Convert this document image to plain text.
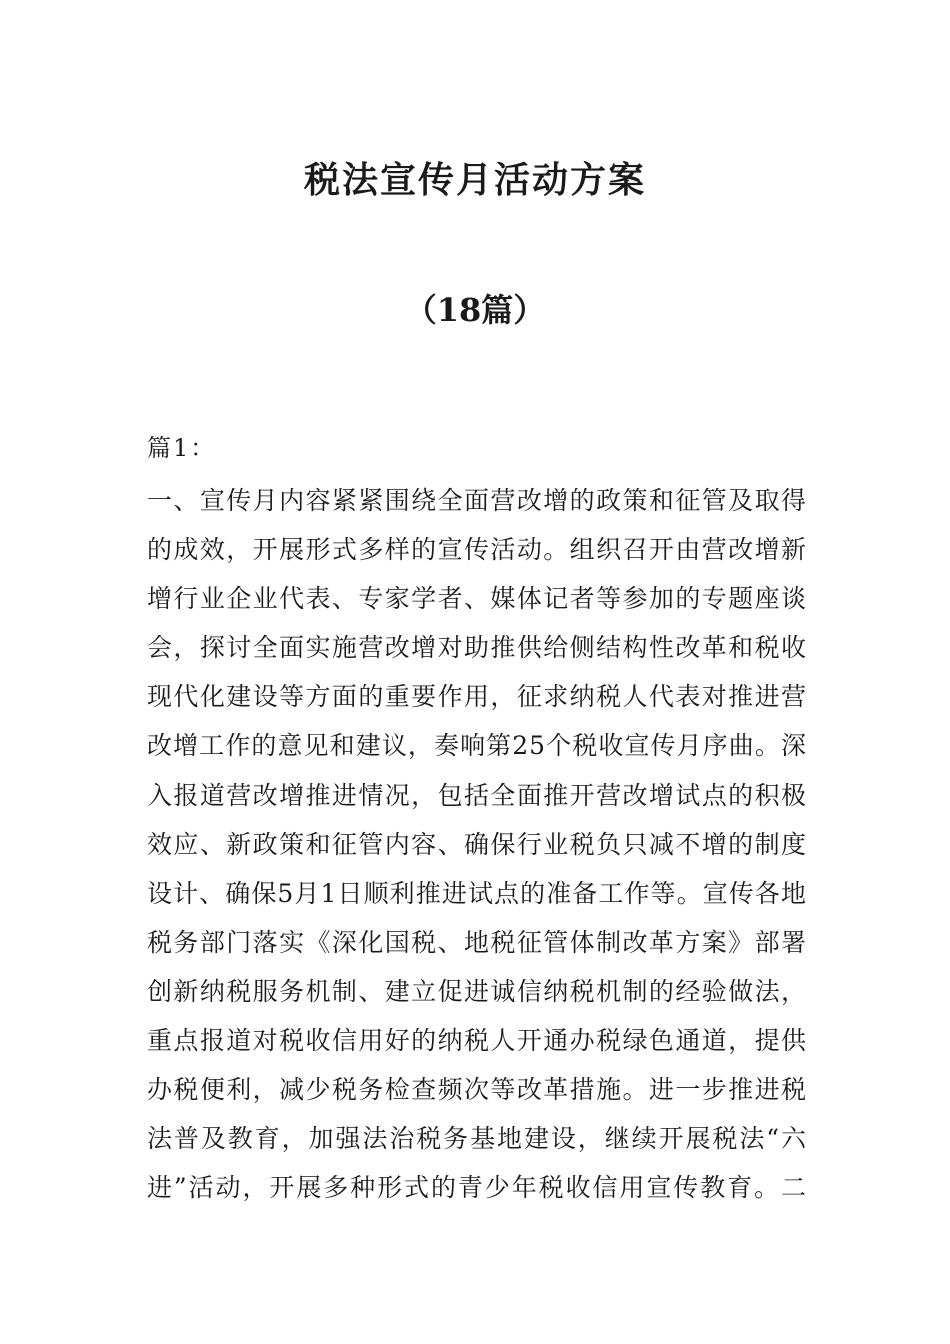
税法宣传月活动方案
（18篇）
篇1：
一、宣传月内容紧紧围绕全面营改增的政策和征管及取得
的成效，开展形式多样的宣传活动。组织召开由营改增新
增行业企业代表、专家学者、媒体记者等参加的专题座谈
会，探讨全面实施营改增对助推供给侧结构性改革和税收
现代化建设等方面的重要作用，征求纳税人代表对推进营
改增工作的意见和建议，奏响第25个税收宣传月序曲。深
入报道营改增推进情况，包括全面推开营改增试点的积极
效应、新政策和征管内容、确保行业税负只减不增的制度
设计、确保5月1日顺利推进试点的准备工作等。宣传各地
税务部门落实《深化国税、地税征管体制改革方案》部署
创新纳税服务机制、建立促进诚信纳税机制的经验做法，
重点报道对税收信用好的纳税人开通办税绿色通道，提供
办税便利，减少税务检查频次等改革措施。进一步推进税
法普及教育，加强法治税务基地建设，继续开展税法“六
进”活动，开展多种形式的青少年税收信用宣传教育。二
